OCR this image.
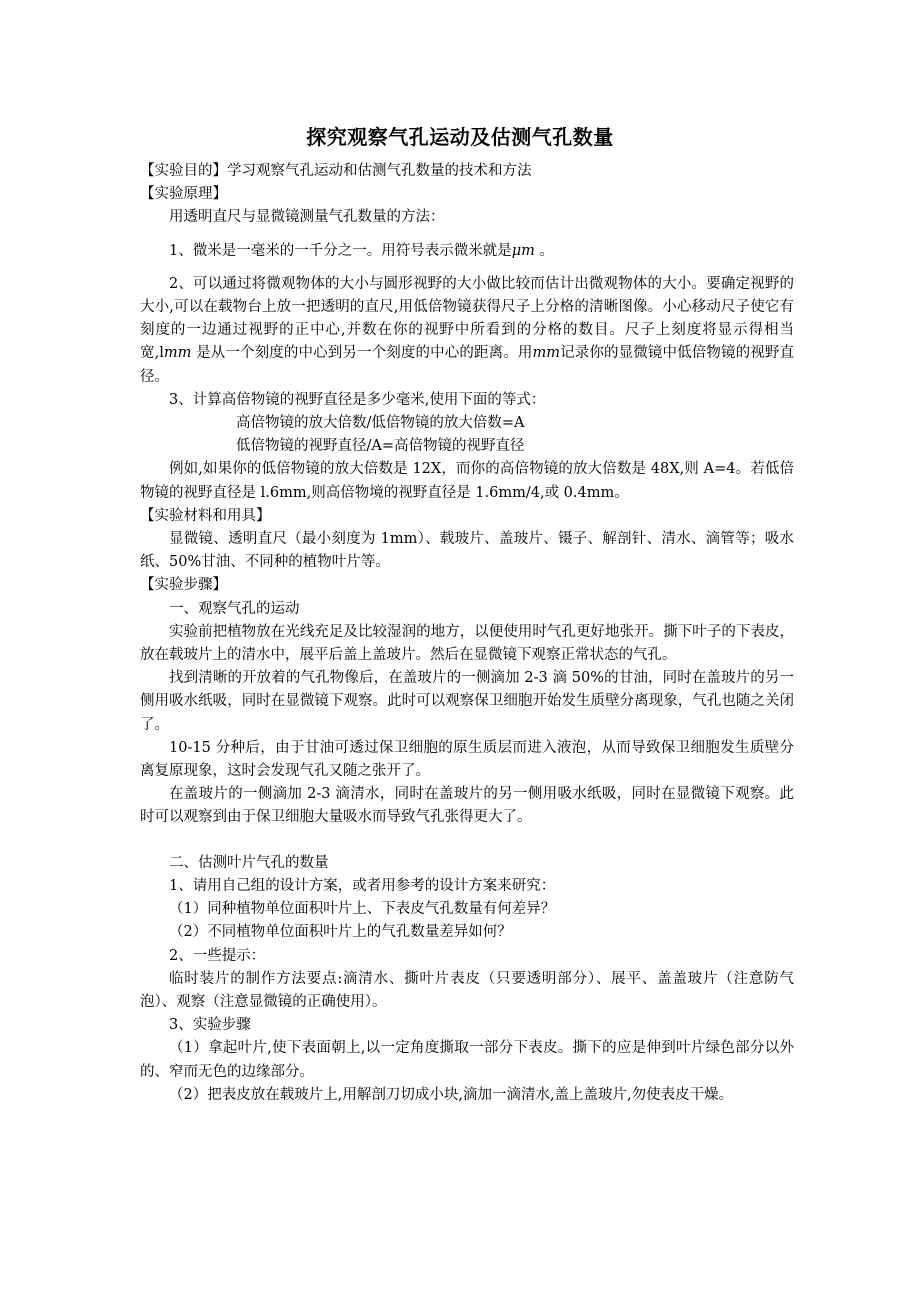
探究观察气孔运动及估测气孔数量

【实验目的】学习观察气孔运动和估测气孔数量的技术和方法

【实验原理】

用透明直尺与显微镜测量气孔数量的方法：

1、微米是一毫米的一千分之一。用符号表示微米就是μm 。

2、可以通过将微观物体的大小与圆形视野的大小做比较而估计出微观物体的大小。要确定视野的大小,可以在载物台上放一把透明的直尺,用低倍物镜获得尺子上分格的清晰图像。小心移动尺子使它有刻度的一边通过视野的正中心,并数在你的视野中所看到的分格的数目。尺子上刻度将显示得相当宽,lmm 是从一个刻度的中心到另一个刻度的中心的距离。用mm记录你的显微镜中低倍物镜的视野直径。

3、计算高倍物镜的视野直径是多少毫米,使用下面的等式：

高倍物镜的放大倍数/低倍物镜的放大倍数=A

低倍物镜的视野直径/A=高倍物镜的视野直径

例如,如果你的低倍物镜的放大倍数是 12X，而你的高倍物镜的放大倍数是 48X,则 A=4。若低倍物镜的视野直径是 l.6mm,则高倍物境的视野直径是 1.6mm/4,或 0.4mm。

【实验材料和用具】

显微镜、透明直尺（最小刻度为 1mm）、载玻片、盖玻片、镊子、解剖针、清水、滴管等；吸水纸、50%甘油、不同种的植物叶片等。

【实验步骤】

一、观察气孔的运动

实验前把植物放在光线充足及比较湿润的地方，以便使用时气孔更好地张开。撕下叶子的下表皮，放在载玻片上的清水中，展平后盖上盖玻片。然后在显微镜下观察正常状态的气孔。

找到清晰的开放着的气孔物像后，在盖玻片的一侧滴加 2-3 滴 50%的甘油，同时在盖玻片的另一侧用吸水纸吸，同时在显微镜下观察。此时可以观察保卫细胞开始发生质壁分离现象，气孔也随之关闭了。

10-15 分种后，由于甘油可透过保卫细胞的原生质层而进入液泡，从而导致保卫细胞发生质壁分离复原现象，这时会发现气孔又随之张开了。

在盖玻片的一侧滴加 2-3 滴清水，同时在盖玻片的另一侧用吸水纸吸，同时在显微镜下观察。此时可以观察到由于保卫细胞大量吸水而导致气孔张得更大了。

二、估测叶片气孔的数量

1、请用自己组的设计方案，或者用参考的设计方案来研究：

（1）同种植物单位面积叶片上、下表皮气孔数量有何差异？

（2）不同植物单位面积叶片上的气孔数量差异如何？

2、一些提示：

临时装片的制作方法要点:滴清水、撕叶片表皮（只要透明部分）、展平、盖盖玻片（注意防气泡）、观察（注意显微镜的正确使用）。

3、实验步骤

（1）拿起叶片,使下表面朝上,以一定角度撕取一部分下表皮。撕下的应是伸到叶片绿色部分以外的、窄而无色的边缘部分。

（2）把表皮放在载玻片上,用解剖刀切成小块,滴加一滴清水,盖上盖玻片,勿使表皮干燥。
